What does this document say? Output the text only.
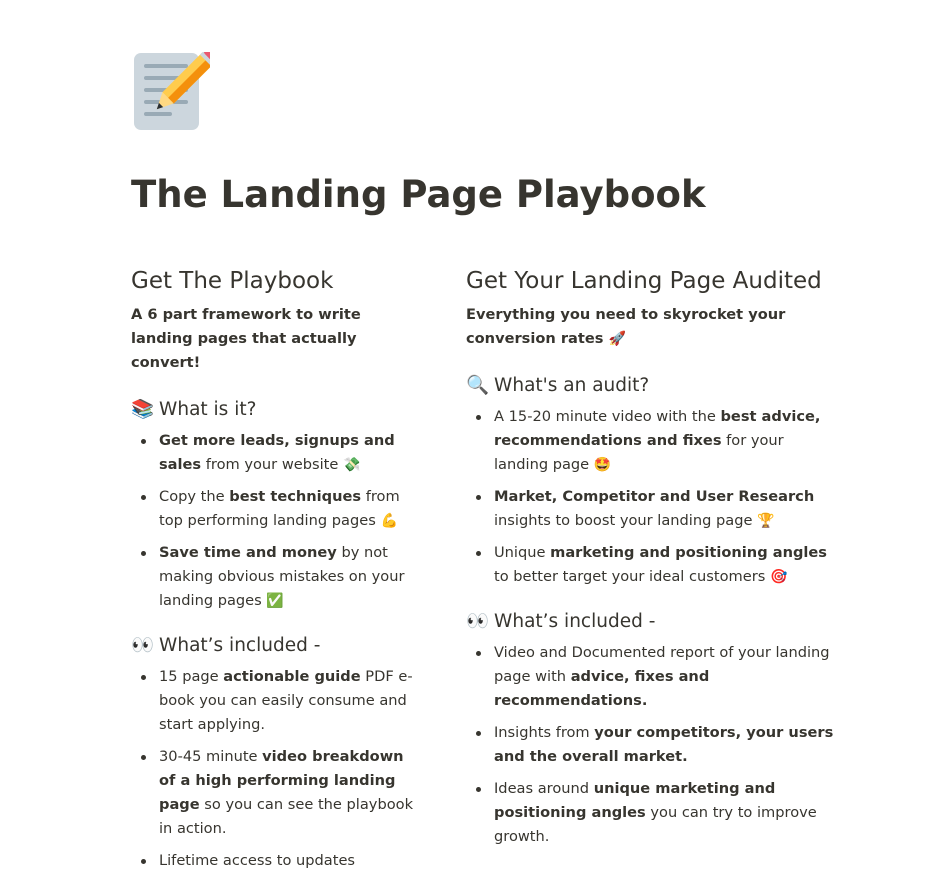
The Landing Page Playbook
Get The Playbook

A 6 part framework to write landing pages that actually convert!

📚 What is it?
Get more leads, signups and sales from your website 💸
Copy the best techniques from top performing landing pages 💪
Save time and money by not making obvious mistakes on your landing pages ✅
👀 What’s included -
15 page actionable guide PDF e-book you can easily consume and start applying.
30-45 minute video breakdown of a high performing landing page so you can see the playbook in action.
Lifetime access to updates
Get Your Landing Page Audited

Everything you need to skyrocket your conversion rates 🚀

🔍 What's an audit?
A 15-20 minute video with the best advice, recommendations and fixes for your landing page 🤩
Market, Competitor and User Research insights to boost your landing page 🏆
Unique marketing and positioning angles to better target your ideal customers 🎯
👀 What’s included -
Video and Documented report of your landing page with advice, fixes and recommendations.
Insights from your competitors, your users and the overall market.
Ideas around unique marketing and positioning angles you can try to improve growth.
